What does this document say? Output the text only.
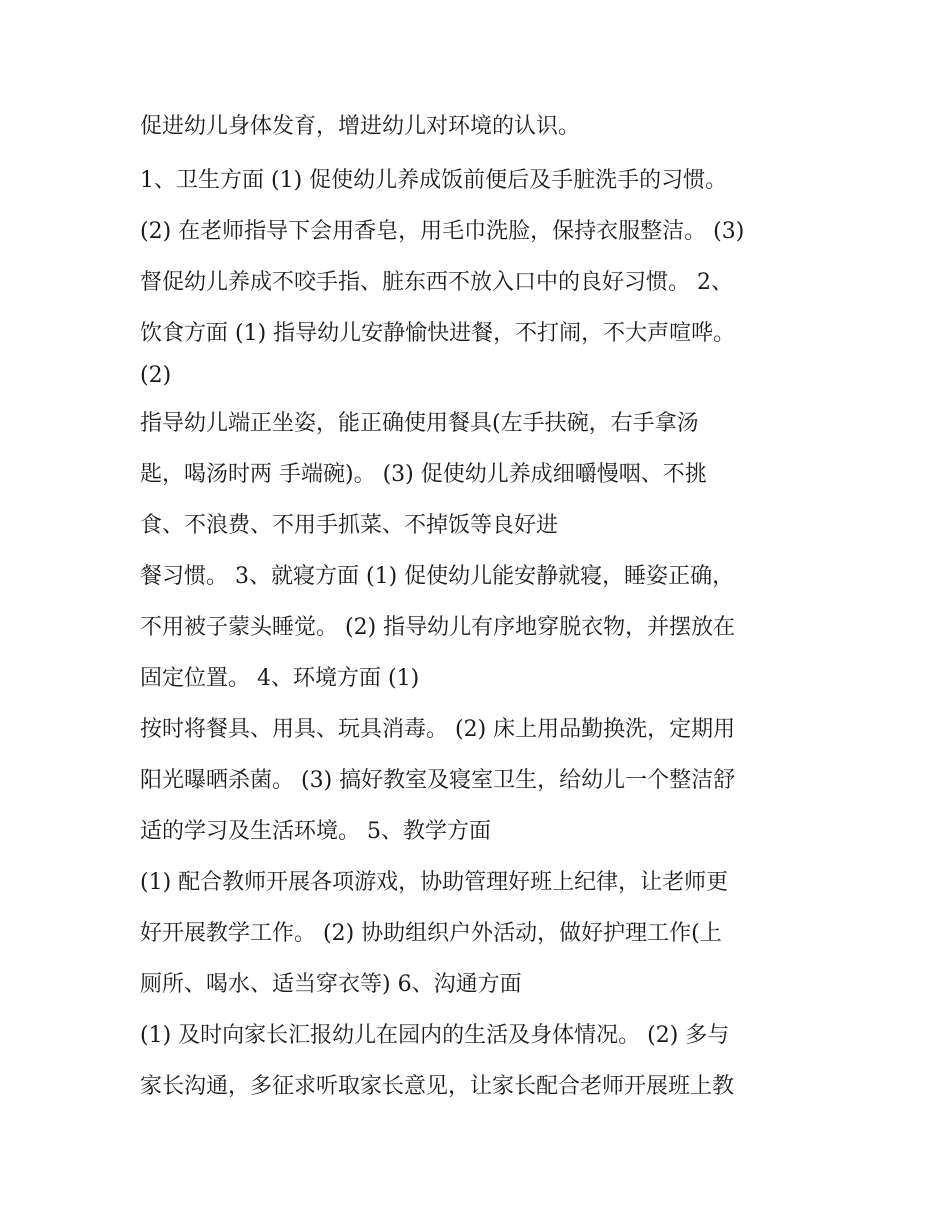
促进幼儿身体发育，增进幼儿对环境的认识。
1、卫生方面 (1) 促使幼儿养成饭前便后及手脏洗手的习惯。
(2) 在老师指导下会用香皂，用毛巾洗脸，保持衣服整洁。 (3)
督促幼儿养成不咬手指、脏东西不放入口中的良好习惯。 2、
饮食方面 (1) 指导幼儿安静愉快进餐，不打闹，不大声喧哗。
(2)
指导幼儿端正坐姿，能正确使用餐具(左手扶碗，右手拿汤
匙，喝汤时两 手端碗)。 (3) 促使幼儿养成细嚼慢咽、不挑
食、不浪费、不用手抓菜、不掉饭等良好进
餐习惯。 3、就寝方面 (1) 促使幼儿能安静就寝，睡姿正确，
不用被子蒙头睡觉。 (2) 指导幼儿有序地穿脱衣物，并摆放在
固定位置。 4、环境方面 (1)
按时将餐具、用具、玩具消毒。 (2) 床上用品勤换洗，定期用
阳光曝晒杀菌。 (3) 搞好教室及寝室卫生，给幼儿一个整洁舒
适的学习及生活环境。 5、教学方面
(1) 配合教师开展各项游戏，协助管理好班上纪律，让老师更
好开展教学工作。 (2) 协助组织户外活动，做好护理工作(上
厕所、喝水、适当穿衣等) 6、沟通方面
(1) 及时向家长汇报幼儿在园内的生活及身体情况。 (2) 多与
家长沟通，多征求听取家长意见，让家长配合老师开展班上教
